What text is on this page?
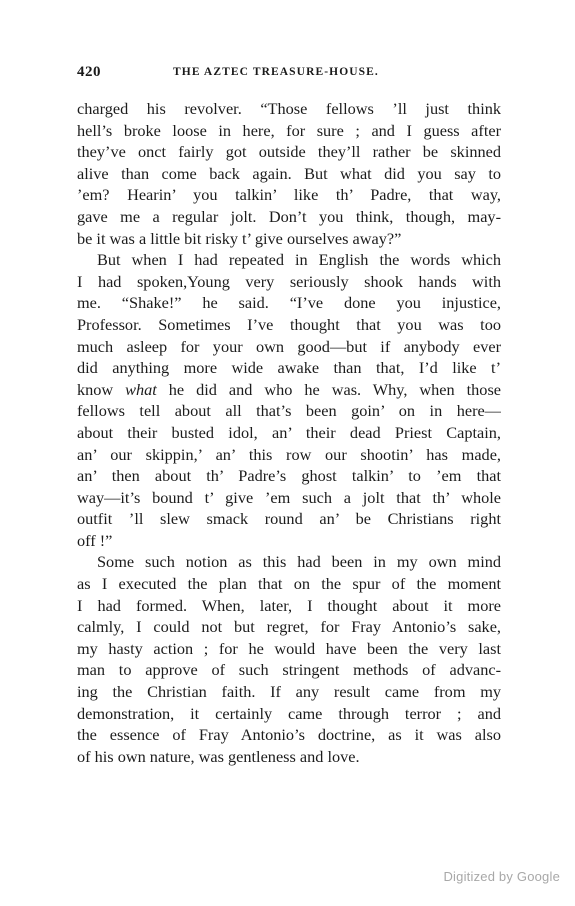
420	THE AZTEC TREASURE-HOUSE.
charged his revolver. “Those fellows ’ll just think
hell’s broke loose in here, for sure ; and I guess after
they’ve onct fairly got outside they’ll rather be skinned
alive than come back again. But what did you say to
’em? Hearin’ you talkin’ like th’ Padre, that way,
gave me a regular jolt. Don’t you think, though, may-
be it was a little bit risky t’ give ourselves away?”
But when I had repeated in English the words which
I had spoken,Young very seriously shook hands with
me. “Shake!” he said. “I’ve done you injustice,
Professor. Sometimes I’ve thought that you was too
much asleep for your own good—but if anybody ever
did anything more wide awake than that, I’d like t’
know what he did and who he was. Why, when those
fellows tell about all that’s been goin’ on in here—
about their busted idol, an’ their dead Priest Captain,
an’ our skippin,’ an’ this row our shootin’ has made,
an’ then about th’ Padre’s ghost talkin’ to ’em that
way—it’s bound t’ give ’em such a jolt that th’ whole
outfit ’ll slew smack round an’ be Christians right
off !”
Some such notion as this had been in my own mind
as I executed the plan that on the spur of the moment
I had formed. When, later, I thought about it more
calmly, I could not but regret, for Fray Antonio’s sake,
my hasty action ; for he would have been the very last
man to approve of such stringent methods of advanc-
ing the Christian faith. If any result came from my
demonstration, it certainly came through terror ; and
the essence of Fray Antonio’s doctrine, as it was also
of his own nature, was gentleness and love.
Digitized by Google
